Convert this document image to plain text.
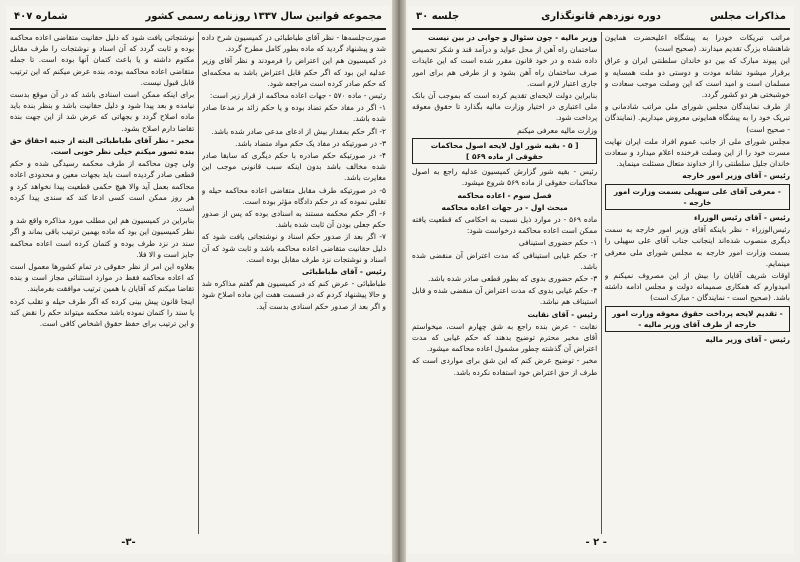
مجموعه قوانین سال ۱۳۳۷
روزنامه رسمی کشور
شماره ۴۰۷

صورت‌جلسه‌ها - نظر آقای طباطبائی در کمیسیون شرح داده شد و پیشنهاد گردید که ماده بطور کامل مطرح گردد.

در کمیسیون هم این اعتراض را فرمودند و نظر آقای وزیر عدلیه این بود که اگر حکم قابل اعتراض باشد به محکمه‌ای که حکم صادر کرده است مراجعه شود.

رئیس - ماده ۵۷۰ - جهات اعاده محاکمه از قرار زیر است:

۱- اگر در مفاد حکم تضاد بوده و یا حکم زائد بر مدعا صادر شده باشد.

۲- اگر حکم بمقدار بیش از ادعای مدعی صادر شده باشد.

۳- در صورتیکه در مفاد یک حکم مواد متضاد باشد.

۴- در صورتیکه حکم صادره با حکم دیگری که سابقا صادر شده مخالف باشد بدون اینکه سبب قانونی موجب این مغایرت باشد.

۵- در صورتیکه طرف مقابل متقاضی اعاده محاکمه حیله و تقلبی نموده که در حکم دادگاه مؤثر بوده است.

۶- اگر حکم محکمه مستند به اسنادی بوده که پس از صدور حکم جعلی بودن آن ثابت شده باشد.

۷- اگر بعد از صدور حکم اسناد و نوشتجاتی یافت شود که دلیل حقانیت متقاضی اعاده محاکمه باشد و ثابت شود که آن اسناد و نوشتجات نزد طرف مقابل بوده است.

رئیس - آقای طباطبائی

طباطبائی - عرض کنم که در کمیسیون هم گفتم مذاکره شد و حالا پیشنهاد کردم که در قسمت هفت این ماده اصلاح شود و اگر بعد از صدور حکم اسنادی بدست آید.

نوشتجاتی یافت شود که دلیل حقانیت متقاضی اعاده محاکمه بوده و ثابت گردد که آن اسناد و نوشتجات را طرف مقابل مکتوم داشته و یا باعث کتمان آنها بوده است. تا جمله متقاضی اعاده محاکمه بوده، بنده عرض میکنم که این ترتیب قابل قبول نیست.

برای اینکه ممکن است اسنادی باشد که در آن موقع بدست نیامده و بعد پیدا شود و دلیل حقانیت باشد و بنظر بنده باید ماده اصلاح گردد و بجهاتی که عرض شد از این جهت بنده تقاضا دارم اصلاح بشود.

مخبر - نظر آقای طباطبائی البته از جنبه احقاق حق بنده تصور میکنم خیلی نظر خوبی است.

ولی چون محاکمه از طرف محکمه رسیدگی شده و حکم قطعی صادر گردیده است باید بجهات معین و محدودی اعاده محاکمه بعمل آید والا هیچ حکمی قطعیت پیدا نخواهد کرد و هر روز ممکن است کسی ادعا کند که سندی پیدا کرده است.

بنابراین در کمیسیون هم این مطلب مورد مذاکره واقع شد و نظر کمیسیون این بود که ماده بهمین ترتیب باقی بماند و اگر سند در نزد طرف بوده و کتمان کرده است اعاده محاکمه جایز است و الا فلا.

بعلاوه این امر از نظر حقوقی در تمام کشورها معمول است که اعاده محاکمه فقط در موارد استثنائی مجاز است و بنده تقاضا میکنم که آقایان با همین ترتیب موافقت بفرمایند.

اینجا قانون پیش بینی کرده که اگر طرف حیله و تقلب کرده یا سند را کتمان نموده باشد محکمه میتواند حکم را نقض کند و این ترتیب برای حفظ حقوق اشخاص کافی است.

-۳-
مذاکرات مجلس
دوره نوزدهم قانونگذاری
جلسه ۳۰

مراتب تبریکات خودرا به پیشگاه اعلیحضرت همایون شاهنشاه بزرگ تقدیم میدارند. (صحیح است)

این پیوند مبارک که بین دو خاندان سلطنتی ایران و عراق برقرار میشود نشانه مودت و دوستی دو ملت همسایه و مسلمان است و امید است که این وصلت موجب سعادت و خوشبختی هر دو کشور گردد.

از طرف نمایندگان مجلس شورای ملی مراتب شادمانی و تبریک خود را به پیشگاه همایونی معروض میداریم. (نمایندگان - صحیح است)

مجلس شورای ملی از جانب عموم افراد ملت ایران نهایت مسرت خود را از این وصلت فرخنده اعلام میدارد و سعادت خاندان جلیل سلطنتی را از خداوند متعال مسئلت مینماید.

رئیس - آقای وزیر امور خارجه

- معرفی آقای علی سهیلی بسمت وزارت امور خارجه -

رئیس - آقای رئیس الوزراء

رئیس‌الوزراء - نظر باینکه آقای وزیر امور خارجه به سمت دیگری منصوب شده‌اند اینجانب جناب آقای علی سهیلی را بسمت وزارت امور خارجه به مجلس شورای ملی معرفی مینمایم.

اوقات شریف آقایان را بیش از این مصروف نمیکنم و امیدوارم که همکاری صمیمانه دولت و مجلس ادامه داشته باشد. (صحیح است - نمایندگان - مبارک است)

- تقدیم لایحه پرداخت حقوق معوقه وزارت امور خارجه از طرف آقای وزیر مالیه -

رئیس - آقای وزیر مالیه

وزیر مالیه - چون سئوال و جوابی در بین نیست

ساختمان راه آهن از محل عواید و درآمد قند و شکر تخصیص داده شده و در خود قانون مقرر شده است که این عایدات صرف ساختمان راه آهن بشود و از طرفی هم برای امور جاری اعتبار لازم است.

بنابراین دولت لایحه‌ای تقدیم کرده است که بموجب آن بانک ملی اعتباری در اختیار وزارت مالیه بگذارد تا حقوق معوقه پرداخت شود.

وزارت مالیه معرفی میکنم

[ ۵ - بقیه شور اول لایحه اصول محاکمات حقوقی از ماده ۵۶۹ ]

رئیس - بقیه شور گزارش کمیسیون عدلیه راجع به اصول محاکمات حقوقی از ماده ۵۶۹ شروع میشود.

فصل سوم - اعاده محاکمه

مبحث اول - در جهات اعاده محاکمه

ماده ۵۶۹ - در موارد ذیل نسبت به احکامی که قطعیت یافته ممکن است اعاده محاکمه درخواست شود:

۱- حکم حضوری استینافی

۲- حکم غیابی استینافی که مدت اعتراض آن منقضی شده باشد.

۳- حکم حضوری بدوی که بطور قطعی صادر شده باشد.

۴- حکم غیابی بدوی که مدت اعتراض آن منقضی شده و قابل استیناف هم نباشد.

رئیس - آقای نقابت

نقابت - عرض بنده راجع به شق چهارم است، میخواستم آقای مخبر محترم توضیح بدهند که حکم غیابی که مدت اعتراض آن گذشته چطور مشمول اعاده محاکمه میشود.

مخبر - توضیح عرض کنم که این شق برای مواردی است که طرف از حق اعتراض خود استفاده نکرده باشد.

- ۲ -
